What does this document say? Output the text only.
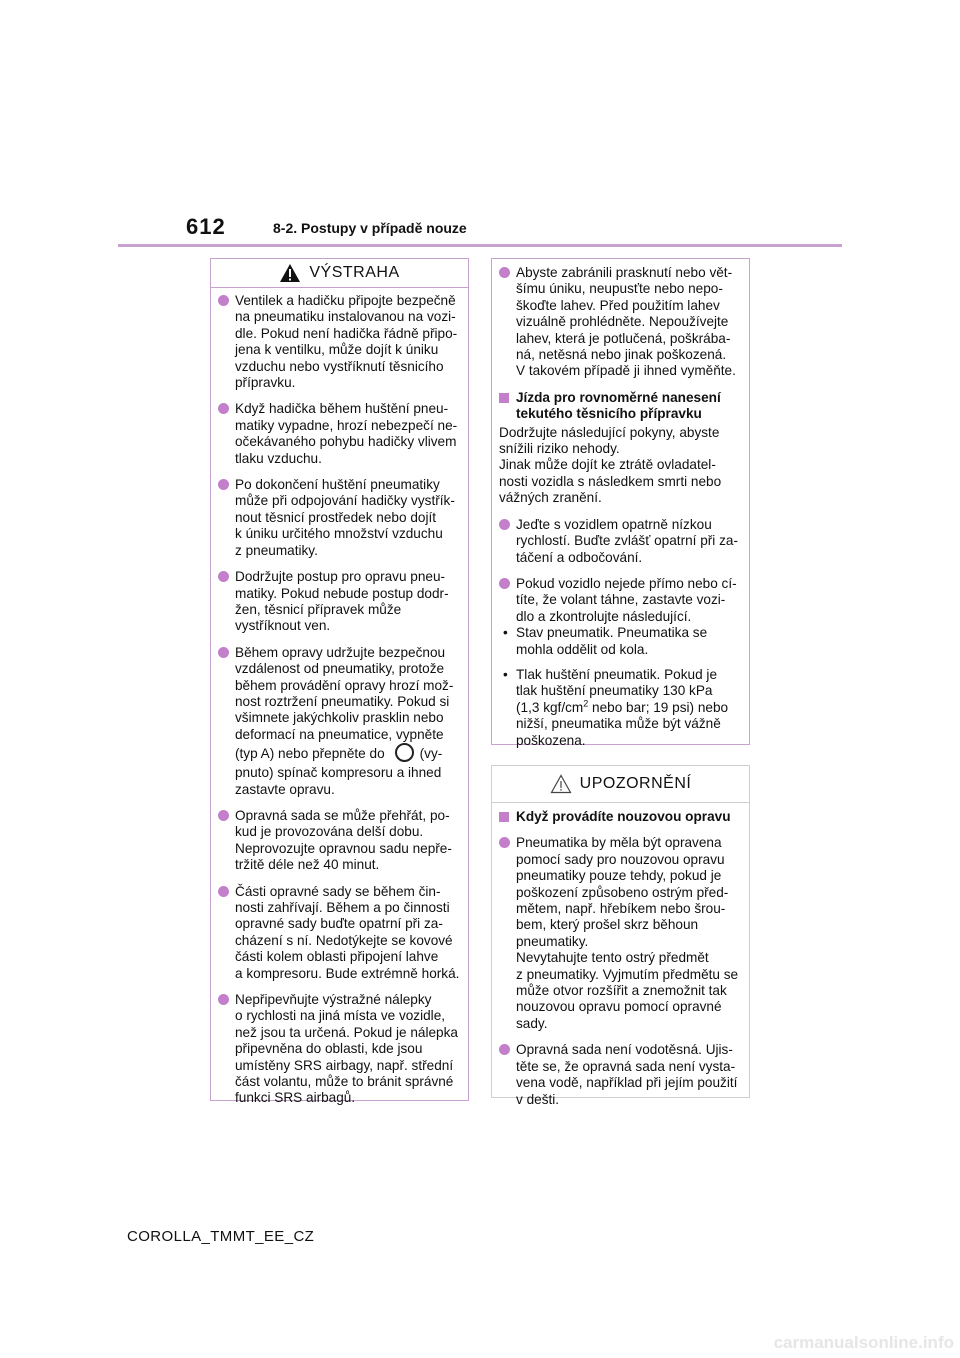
612	8-2. Postupy v případě nouze
VÝSTRAHA
Ventilek a hadičku připojte bezpečně
na pneumatiku instalovanou na vozi-
dle. Pokud není hadička řádně připo-
jena k ventilku, může dojít k úniku
vzduchu nebo vystříknutí těsnicího
přípravku.
Když hadička během huštění pneu-
matiky vypadne, hrozí nebezpečí ne-
očekávaného pohybu hadičky vlivem
tlaku vzduchu.
Po dokončení huštění pneumatiky
může při odpojování hadičky vystřík-
nout těsnicí prostředek nebo dojít
k úniku určitého množství vzduchu
z pneumatiky.
Dodržujte postup pro opravu pneu-
matiky. Pokud nebude postup dodr-
žen, těsnicí přípravek může
vystříknout ven.
Během opravy udržujte bezpečnou
vzdálenost od pneumatiky, protože
během provádění opravy hrozí mož-
nost roztržení pneumatiky. Pokud si
všimnete jakýchkoliv prasklin nebo
deformací na pneumatice, vypněte
(typ A) nebo přepněte do	(vy-
pnuto) spínač kompresoru a ihned
zastavte opravu.
Opravná sada se může přehřát, po-
kud je provozována delší dobu.
Neprovozujte opravnou sadu nepře-
tržitě déle než 40 minut.
Části opravné sady se během čin-
nosti zahřívají. Během a po činnosti
opravné sady buďte opatrní při za-
cházení s ní. Nedotýkejte se kovové
části kolem oblasti připojení lahve
a kompresoru. Bude extrémně horká.
Nepřipevňujte výstražné nálepky
o rychlosti na jiná místa ve vozidle,
než jsou ta určená. Pokud je nálepka
připevněna do oblasti, kde jsou
umístěny SRS airbagy, např. střední
část volantu, může to bránit správné
funkci SRS airbagů.
Abyste zabránili prasknutí nebo vět-
šímu úniku, neupusťte nebo nepo-
škoďte lahev. Před použitím lahev
vizuálně prohlédněte. Nepoužívejte
lahev, která je potlučená, poškrába-
ná, netěsná nebo jinak poškozená.
V takovém případě ji ihned vyměňte.
Jízda pro rovnoměrné nanesení
tekutého těsnicího přípravku
Dodržujte následující pokyny, abyste
snížili riziko nehody.
Jinak může dojít ke ztrátě ovladatel-
nosti vozidla s následkem smrti nebo
vážných zranění.
Jeďte s vozidlem opatrně nízkou
rychlostí. Buďte zvlášť opatrní při za-
táčení a odbočování.
Pokud vozidlo nejede přímo nebo cí-
títe, že volant táhne, zastavte vozi-
dlo a zkontrolujte následující.
• Stav pneumatik. Pneumatika se
mohla oddělit od kola.
• Tlak huštění pneumatik. Pokud je
tlak huštění pneumatiky 130 kPa
(1,3 kgf/$cm^2$ nebo bar; 19 psi) nebo
nižší, pneumatika může být vážně
poškozena.
UPOZORNĚNÍ
Když provádíte nouzovou opravu
Pneumatika by měla být opravena
pomocí sady pro nouzovou opravu
pneumatiky pouze tehdy, pokud je
poškození způsobeno ostrým před-
mětem, např. hřebíkem nebo šrou-
bem, který prošel skrz běhoun
pneumatiky.
Nevytahujte tento ostrý předmět
z pneumatiky. Vyjmutím předmětu se
může otvor rozšířit a znemožnit tak
nouzovou opravu pomocí opravné
sady.
Opravná sada není vodotěsná. Ujis-
těte se, že opravná sada není vysta-
vena vodě, například při jejím použití
v dešti.
COROLLA_TMMT_EE_CZ
carmanualsonline.info
